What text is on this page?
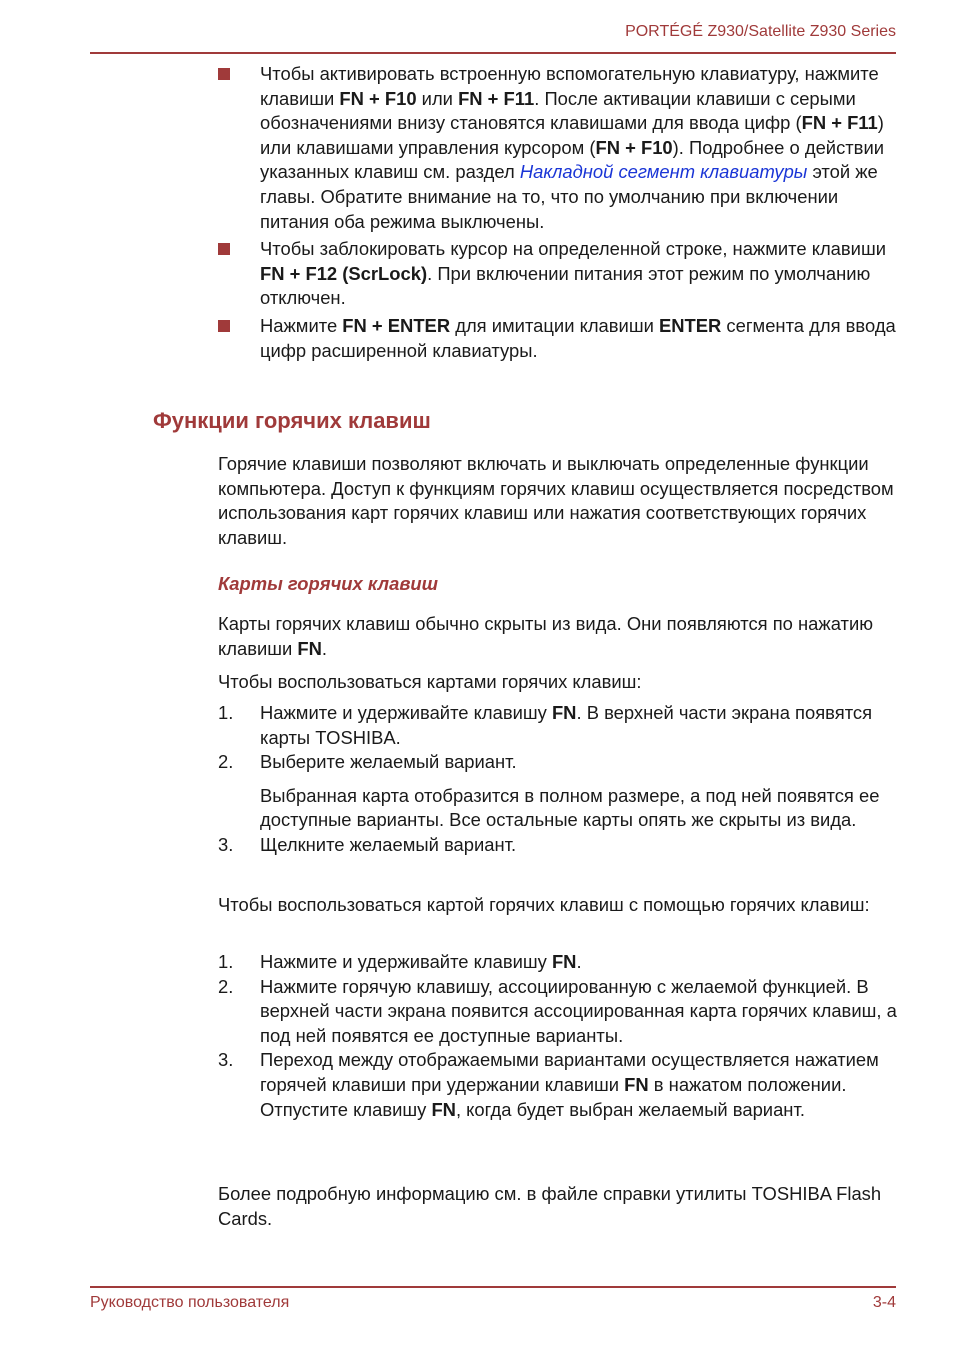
PORTÉGÉ Z930/Satellite Z930 Series
Чтобы активировать встроенную вспомогательную клавиатуру, нажмите клавиши FN + F10 или FN + F11. После активации клавиши с серыми обозначениями внизу становятся клавишами для ввода цифр (FN + F11) или клавишами управления курсором (FN + F10). Подробнее о действии указанных клавиш см. раздел Накладной сегмент клавиатуры этой же главы. Обратите внимание на то, что по умолчанию при включении питания оба режима выключены.
Чтобы заблокировать курсор на определенной строке, нажмите клавиши FN + F12 (ScrLock). При включении питания этот режим по умолчанию отключен.
Нажмите FN + ENTER для имитации клавиши ENTER сегмента для ввода цифр расширенной клавиатуры.
Функции горячих клавиш
Горячие клавиши позволяют включать и выключать определенные функции компьютера. Доступ к функциям горячих клавиш осуществляется посредством использования карт горячих клавиш или нажатия соответствующих горячих клавиш.
Карты горячих клавиш
Карты горячих клавиш обычно скрыты из вида. Они появляются по нажатию клавиши FN.
Чтобы воспользоваться картами горячих клавиш:
1. Нажмите и удерживайте клавишу FN. В верхней части экрана появятся карты TOSHIBA.
2. Выберите желаемый вариант.
Выбранная карта отобразится в полном размере, а под ней появятся ее доступные варианты. Все остальные карты опять же скрыты из вида.
3. Щелкните желаемый вариант.
Чтобы воспользоваться картой горячих клавиш с помощью горячих клавиш:
1. Нажмите и удерживайте клавишу FN.
2. Нажмите горячую клавишу, ассоциированную с желаемой функцией. В верхней части экрана появится ассоциированная карта горячих клавиш, а под ней появятся ее доступные варианты.
3. Переход между отображаемыми вариантами осуществляется нажатием горячей клавиши при удержании клавиши FN в нажатом положении. Отпустите клавишу FN, когда будет выбран желаемый вариант.
Более подробную информацию см. в файле справки утилиты TOSHIBA Flash Cards.
Руководство пользователя	3-4
